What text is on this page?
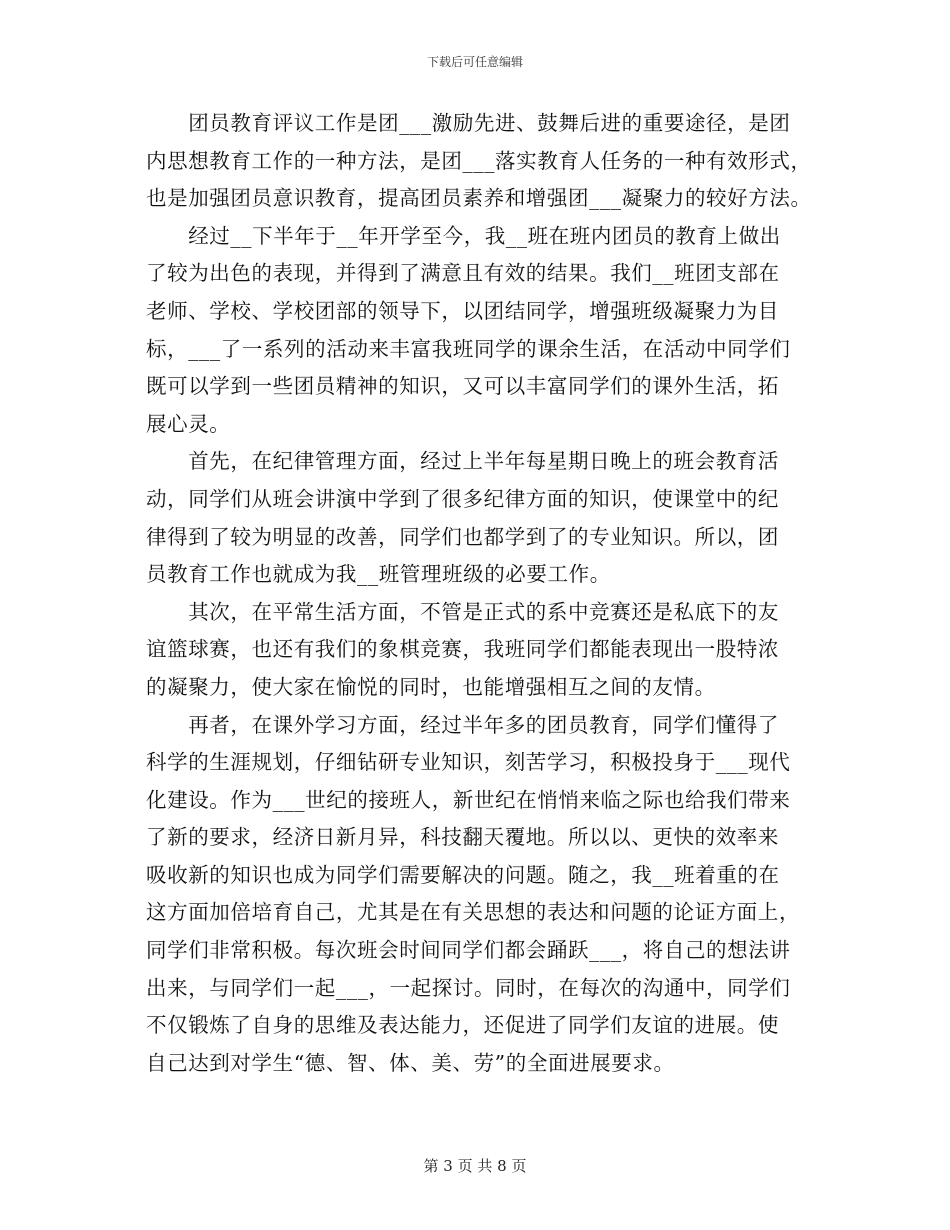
下载后可任意编辑
　　团员教育评议工作是团___激励先进、鼓舞后进的重要途径，是团
内思想教育工作的一种方法，是团___落实教育人任务的一种有效形式，
也是加强团员意识教育，提高团员素养和增强团___凝聚力的较好方法。
　　经过__下半年于__年开学至今，我__班在班内团员的教育上做出
了较为出色的表现，并得到了满意且有效的结果。我们__班团支部在
老师、学校、学校团部的领导下，以团结同学，增强班级凝聚力为目
标，___了一系列的活动来丰富我班同学的课余生活，在活动中同学们
既可以学到一些团员精神的知识，又可以丰富同学们的课外生活，拓
展心灵。
　　首先，在纪律管理方面，经过上半年每星期日晚上的班会教育活
动，同学们从班会讲演中学到了很多纪律方面的知识，使课堂中的纪
律得到了较为明显的改善，同学们也都学到了的专业知识。所以，团
员教育工作也就成为我__班管理班级的必要工作。
　　其次，在平常生活方面，不管是正式的系中竞赛还是私底下的友
谊篮球赛，也还有我们的象棋竞赛，我班同学们都能表现出一股特浓
的凝聚力，使大家在愉悦的同时，也能增强相互之间的友情。
　　再者，在课外学习方面，经过半年多的团员教育，同学们懂得了
科学的生涯规划，仔细钻研专业知识，刻苦学习，积极投身于___现代
化建设。作为___世纪的接班人，新世纪在悄悄来临之际也给我们带来
了新的要求，经济日新月异，科技翻天覆地。所以以、更快的效率来
吸收新的知识也成为同学们需要解决的问题。随之，我__班着重的在
这方面加倍培育自己，尤其是在有关思想的表达和问题的论证方面上，
同学们非常积极。每次班会时间同学们都会踊跃___，将自己的想法讲
出来，与同学们一起___，一起探讨。同时，在每次的沟通中，同学们
不仅锻炼了自身的思维及表达能力，还促进了同学们友谊的进展。使
自己达到对学生“德、智、体、美、劳”的全面进展要求。
第 3 页 共 8 页
